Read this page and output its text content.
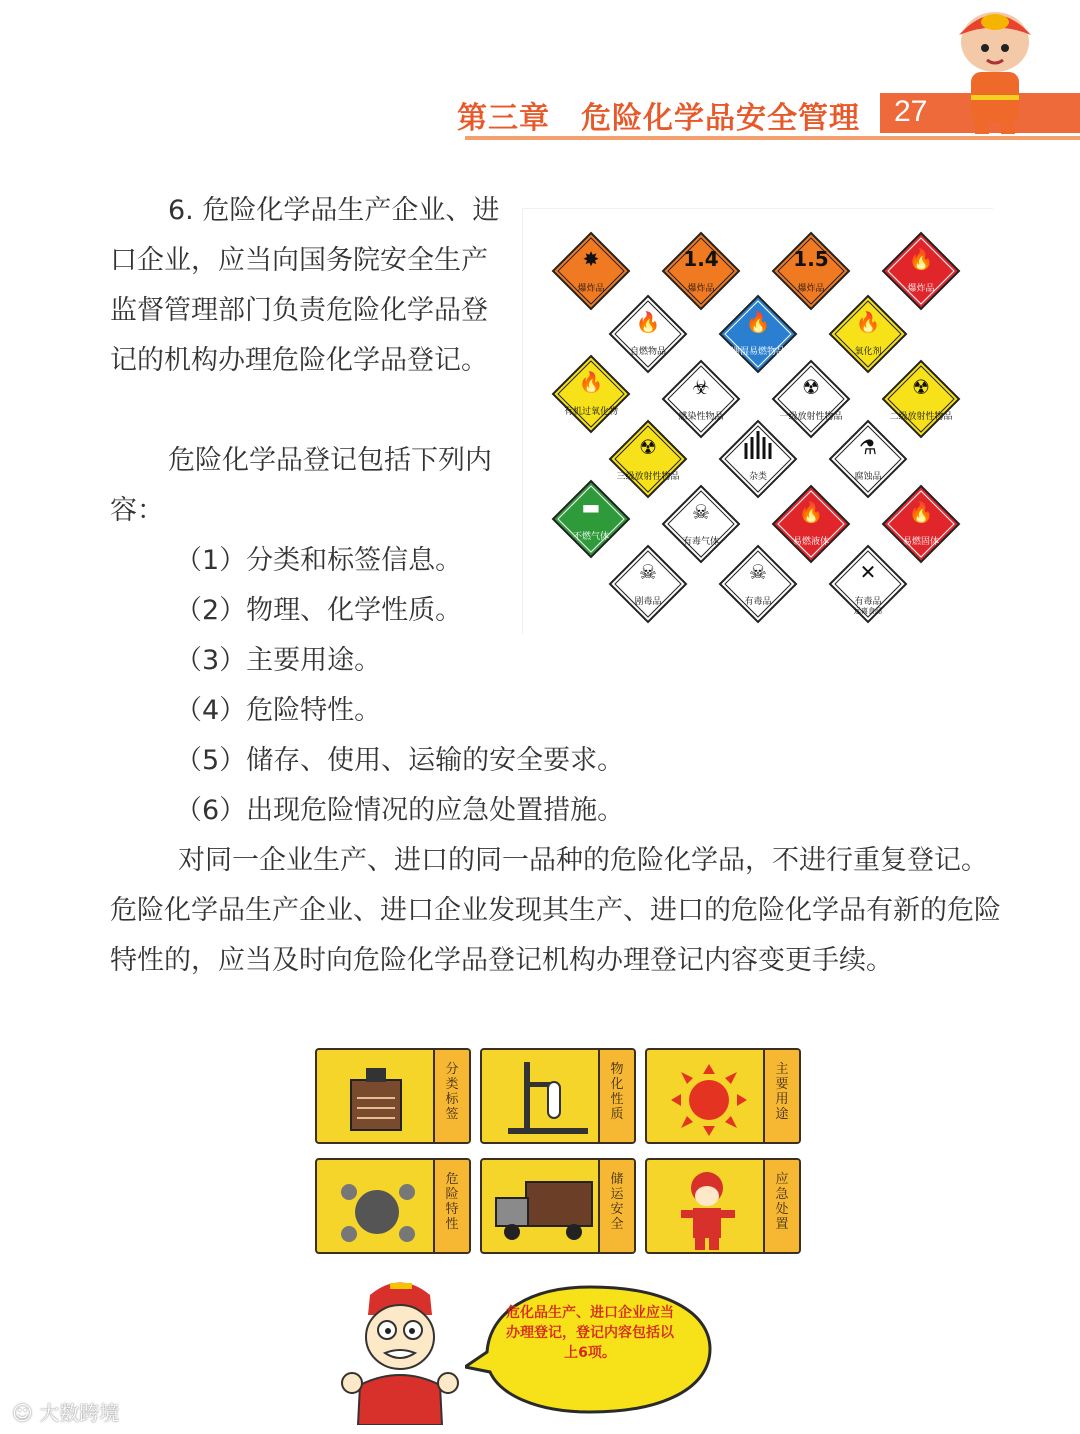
第三章　危险化学品安全管理 27
6. 危险化学品生产企业、进口企业，应当向国务院安全生产监督管理部门负责危险化学品登记的机构办理危险化学品登记。
危险化学品登记包括下列内容：
（1）分类和标签信息。
（2）物理、化学性质。
（3）主要用途。
（4）危险特性。
（5）储存、使用、运输的安全要求。
（6）出现危险情况的应急处置措施。
对同一企业生产、进口的同一品种的危险化学品，不进行重复登记。危险化学品生产企业、进口企业发现其生产、进口的危险化学品有新的危险特性的，应当及时向危险化学品登记机构办理登记内容变更手续。
✸
爆炸品
1.4
爆炸品
1.5
爆炸品
🔥
爆炸品
🔥
自燃物品
🔥
遇湿易燃物品
🔥
氧化剂
🔥
有机过氧化物
☣
感染性物品
☢
一级放射性物品
☢
二级放射性物品
☢
三级放射性物品	杂类
⚗
腐蚀品
▬
不燃气体
☠
有毒气体
🔥
易燃液体
🔥
易燃固体
☠
剧毒品
☠
有毒品
✕
有毒品
远离食品
分类标签
物化性质
主要用途
危险特性
储运安全
应急处置
危化品生产、进口企业应当办理登记，登记内容包括以上6项。
☺ 大数跨境
